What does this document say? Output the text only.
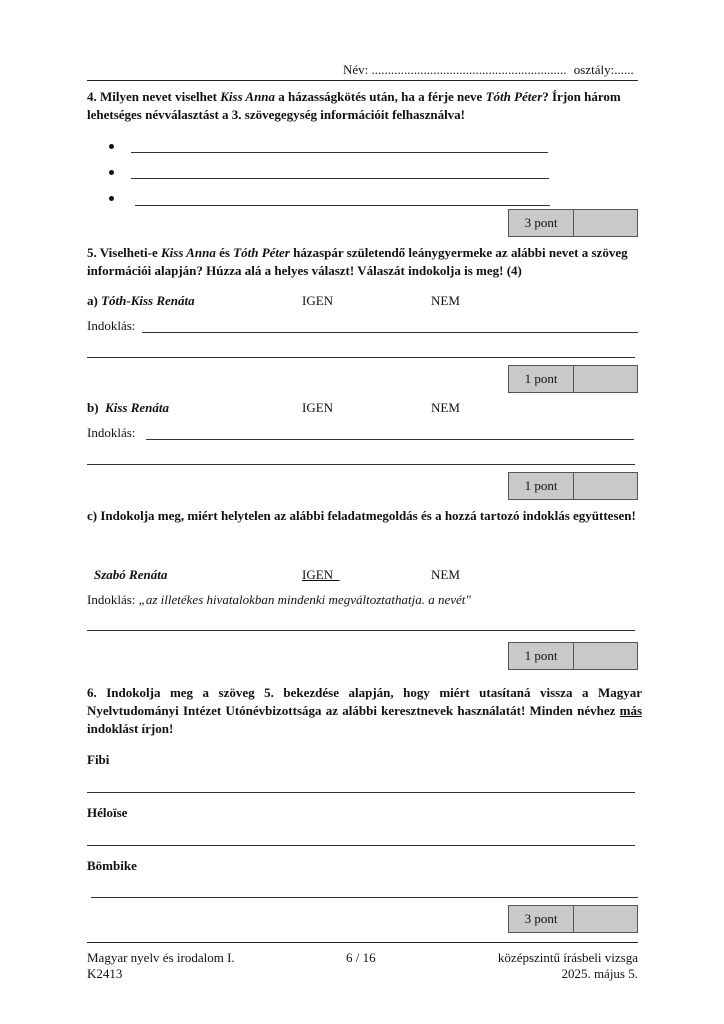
Név: ............................................................ osztály:......
4. Milyen nevet viselhet Kiss Anna a házasságkötés után, ha a férje neve Tóth Péter? Írjon három lehetséges névválasztást a 3. szövegegység információit felhasználva!
3 pont
5. Viselheti-e Kiss Anna és Tóth Péter házaspár születendő leánygyermeke az alábbi nevet a szöveg információi alapján? Húzza alá a helyes választ! Válaszát indokolja is meg! (4)
a) Tóth-Kiss Renáta	IGEN	NEM
Indoklás:
1 pont
b) Kiss Renáta	IGEN	NEM
Indoklás:
1 pont
c) Indokolja meg, miért helytelen az alábbi feladatmegoldás és a hozzá tartozó indoklás együttesen!
Szabó Renáta	IGEN	NEM
Indoklás: „az illetékes hivatalokban mindenki megváltoztathatja. a nevét"
1 pont
6. Indokolja meg a szöveg 5. bekezdése alapján, hogy miért utasítaná vissza a Magyar Nyelvtudományi Intézet Utónévbizottsága az alábbi keresztnevek használatát! Minden névhez más indoklást írjon!
Fibi
Héloïse
Bömbike
3 pont
Magyar nyelv és irodalom I.
K2413
6 / 16	középszintű írásbeli vizsga
2025. május 5.
